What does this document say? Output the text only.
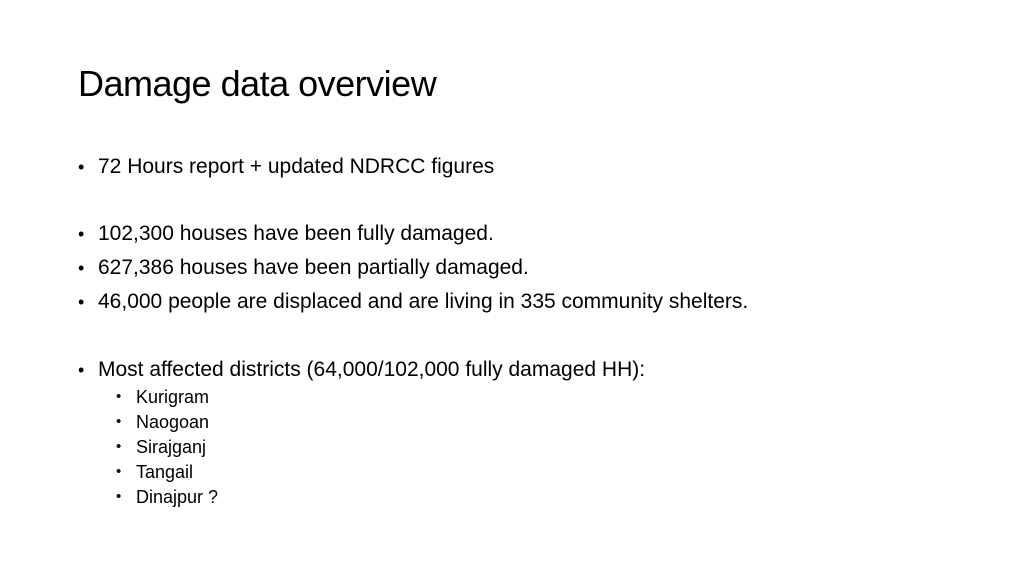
Damage data overview
• 72 Hours report + updated NDRCC figures
• 102,300 houses have been fully damaged.
• 627,386 houses have been partially damaged.
• 46,000 people are displaced and are living in 335 community shelters.
• Most affected districts (64,000/102,000 fully damaged HH):
• Kurigram
• Naogoan
• Sirajganj
• Tangail
• Dinajpur ?
